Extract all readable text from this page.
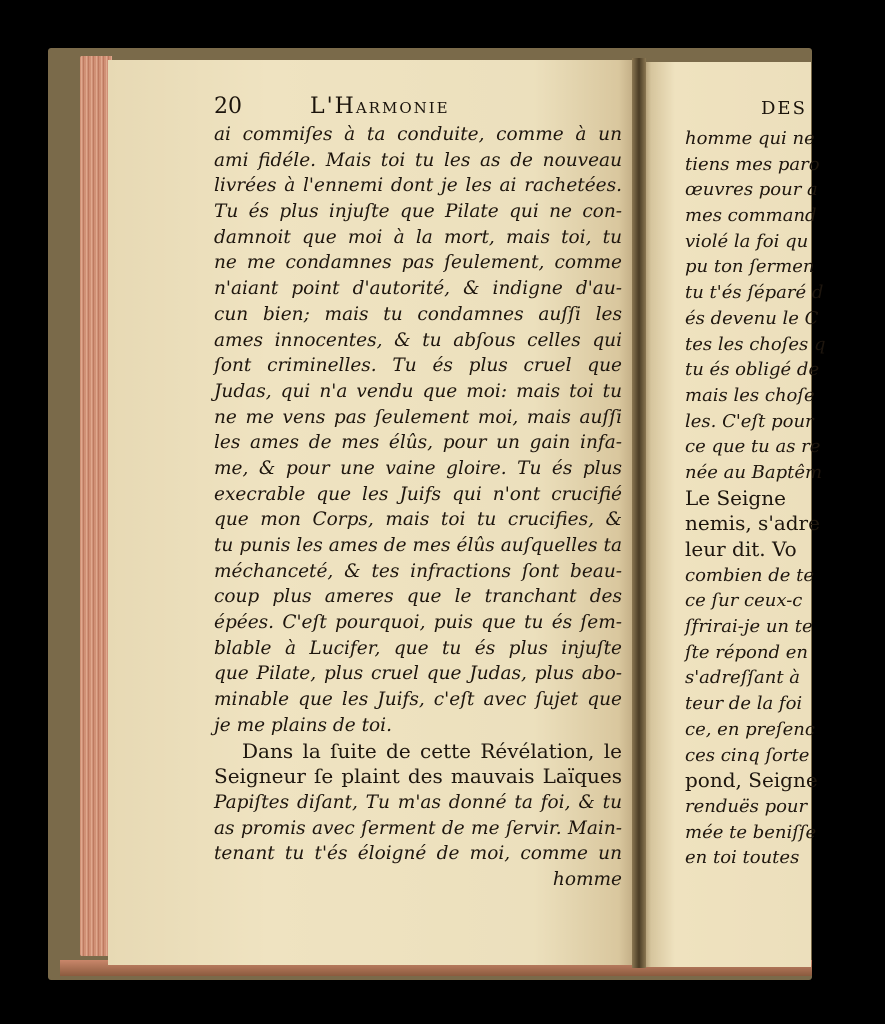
DES
homme qui ne
tiens mes paro
œuvres pour a
mes command
violé la foi qu
pu ton ſermen
tu t'és ſéparé d
és devenu le C
tes les choſes q
tu és obligé de
mais les choſe
les. C'eſt pour
ce que tu as re
née au Baptêm
Le Seigne
nemis, s'adre
leur dit. Vo
combien de te
ce ſur ceux-c
ſfrirai-je un te
ſte répond en
s'adreſſant à
teur de la foi
ce, en preſenc
ces cinq ſorte
pond, Seigne
renduës pour
mée te beniſſe
en toi toutes
20	L'Harmonie
ai commiſes à ta conduite, comme à un
ami fidéle. Mais toi tu les as de nouveau
livrées à l'ennemi dont je les ai rachetées.
Tu és plus injuſte que Pilate qui ne con-
damnoit que moi à la mort, mais toi, tu
ne me condamnes pas ſeulement, comme
n'aiant point d'autorité, & indigne d'au-
cun bien; mais tu condamnes auſſi les
ames innocentes, & tu abſous celles qui
ſont criminelles. Tu és plus cruel que
Judas, qui n'a vendu que moi: mais toi tu
ne me vens pas ſeulement moi, mais auſſi
les ames de mes élûs, pour un gain infa-
me, & pour une vaine gloire. Tu és plus
execrable que les Juifs qui n'ont crucifié
que mon Corps, mais toi tu crucifies, &
tu punis les ames de mes élûs auſquelles ta
méchanceté, & tes infractions ſont beau-
coup plus ameres que le tranchant des
épées. C'eſt pourquoi, puis que tu és ſem-
blable à Lucifer, que tu és plus injuſte
que Pilate, plus cruel que Judas, plus abo-
minable que les Juifs, c'eſt avec ſujet que
je me plains de toi.
Dans la ſuite de cette Révélation, le
Seigneur ſe plaint des mauvais Laïques
Papiſtes diſant, Tu m'as donné ta foi, & tu
as promis avec ſerment de me ſervir. Main-
tenant tu t'és éloigné de moi, comme un
homme
